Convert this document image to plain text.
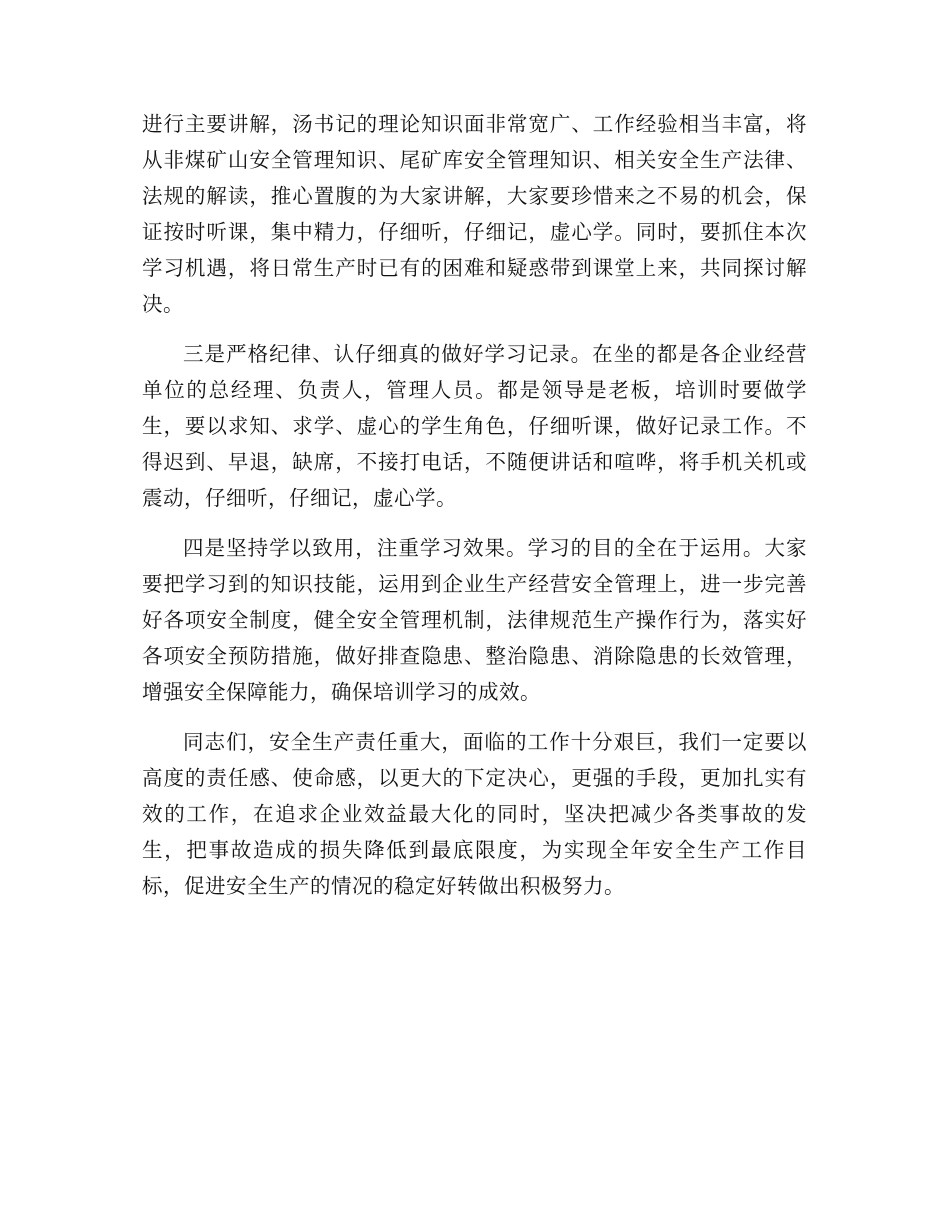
进行主要讲解，汤书记的理论知识面非常宽广、工作经验相当丰富，将从非煤矿山安全管理知识、尾矿库安全管理知识、相关安全生产法律、法规的解读，推心置腹的为大家讲解，大家要珍惜来之不易的机会，保证按时听课，集中精力，仔细听，仔细记，虚心学。同时，要抓住本次学习机遇，将日常生产时已有的困难和疑惑带到课堂上来，共同探讨解决。

三是严格纪律、认仔细真的做好学习记录。在坐的都是各企业经营单位的总经理、负责人，管理人员。都是领导是老板，培训时要做学生，要以求知、求学、虚心的学生角色，仔细听课，做好记录工作。不得迟到、早退，缺席，不接打电话，不随便讲话和喧哗，将手机关机或震动，仔细听，仔细记，虚心学。

四是坚持学以致用，注重学习效果。学习的目的全在于运用。大家要把学习到的知识技能，运用到企业生产经营安全管理上，进一步完善好各项安全制度，健全安全管理机制，法律规范生产操作行为，落实好各项安全预防措施，做好排查隐患、整治隐患、消除隐患的长效管理，增强安全保障能力，确保培训学习的成效。

同志们，安全生产责任重大，面临的工作十分艰巨，我们一定要以高度的责任感、使命感，以更大的下定决心，更强的手段，更加扎实有效的工作，在追求企业效益最大化的同时，坚决把减少各类事故的发生，把事故造成的损失降低到最底限度，为实现全年安全生产工作目标，促进安全生产的情况的稳定好转做出积极努力。
